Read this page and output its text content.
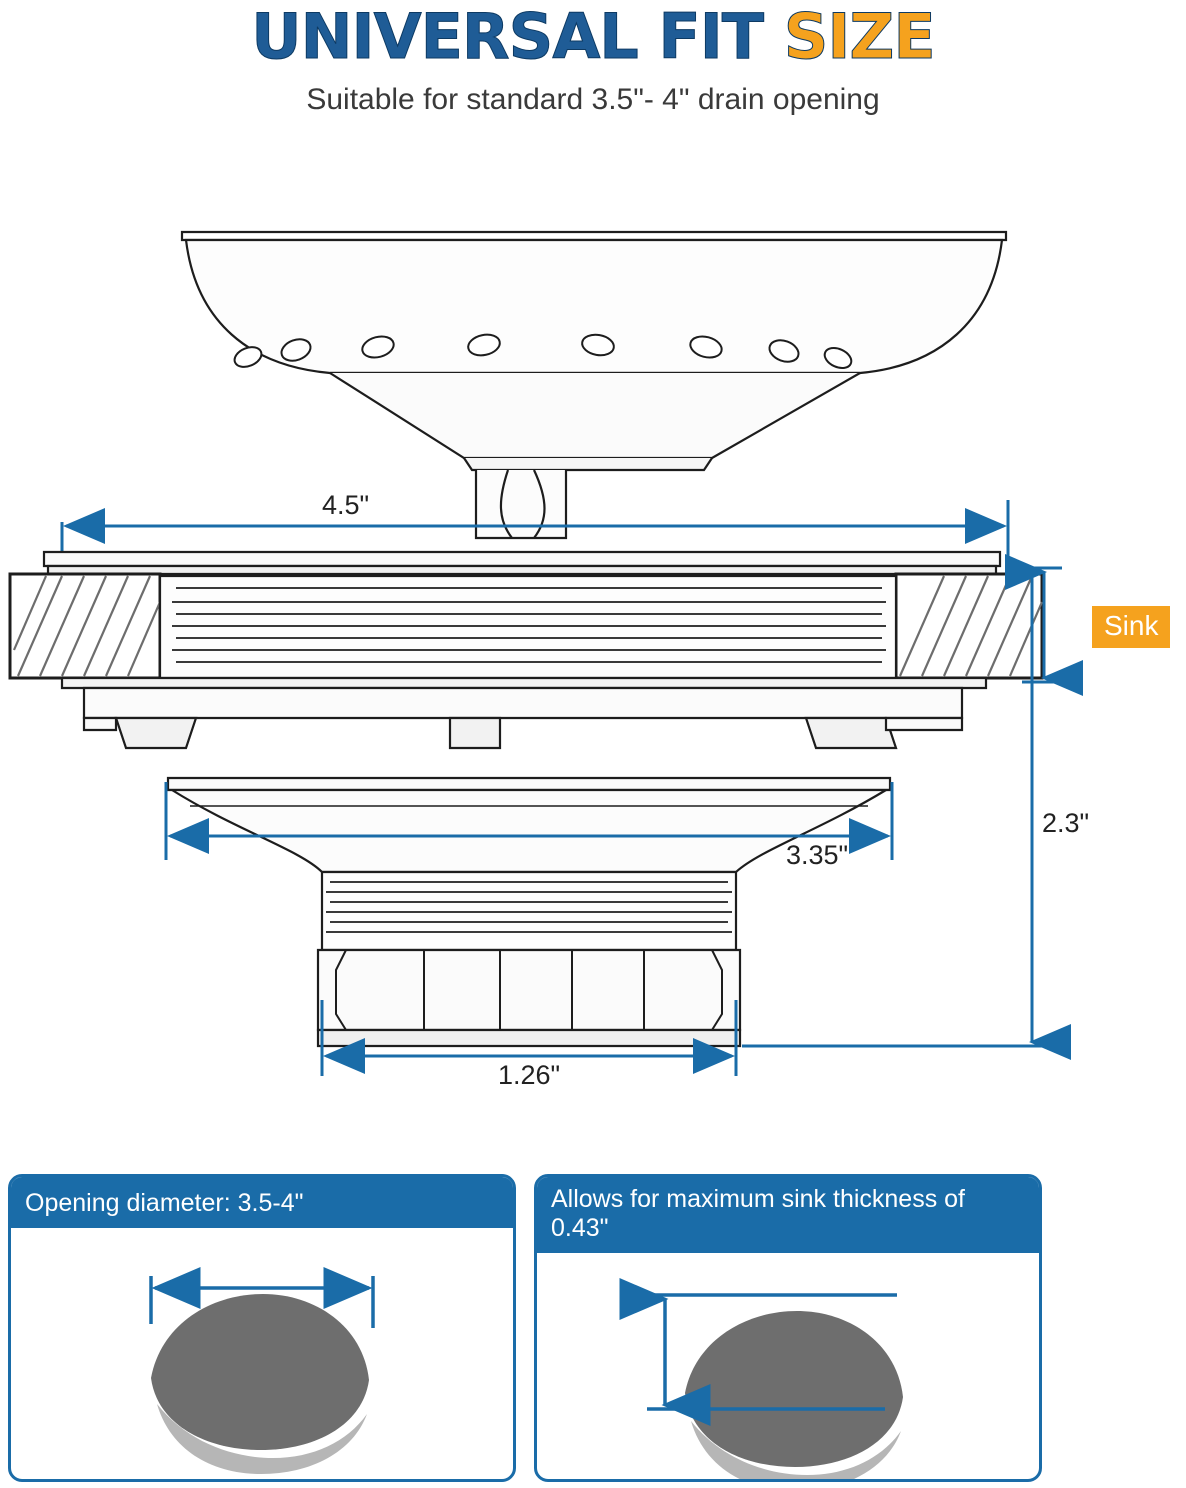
UNIVERSAL FIT SIZE

Suitable for standard 3.5"- 4" drain opening

4.5"
3.35"
1.26"
2.3"
Sink
Opening diameter: 3.5-4"	Allows for maximum sink thickness of 0.43"
